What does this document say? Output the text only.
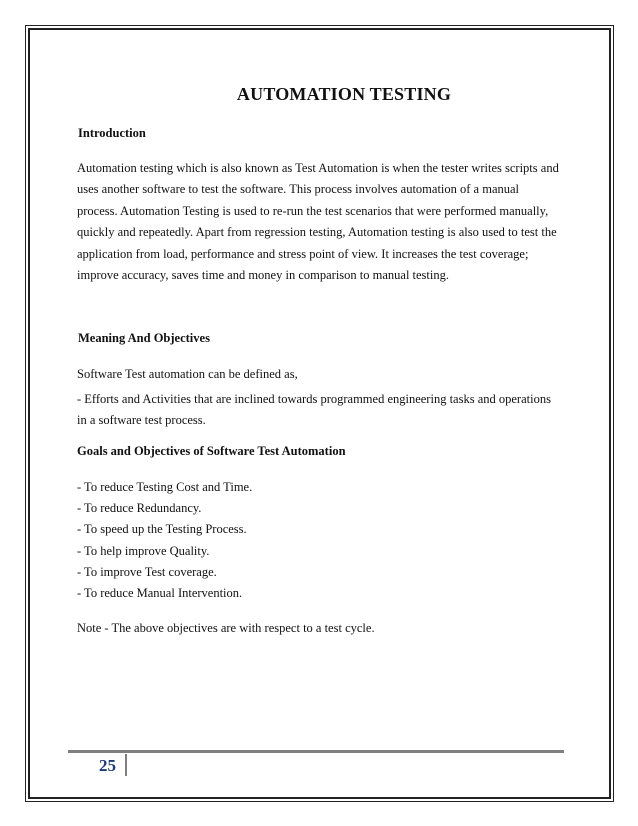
AUTOMATION TESTING
Introduction
Automation testing which is also known as Test Automation is when the tester writes scripts and
uses another software to test the software. This process involves automation of a manual
process. Automation Testing is used to re-run the test scenarios that were performed manually,
quickly and repeatedly. Apart from regression testing, Automation testing is also used to test the
application from load, performance and stress point of view. It increases the test coverage;
improve accuracy, saves time and money in comparison to manual testing.
Meaning And Objectives
Software Test automation can be defined as,
- Efforts and Activities that are inclined towards programmed engineering tasks and operations
in a software test process.
Goals and Objectives of Software Test Automation
- To reduce Testing Cost and Time.
- To reduce Redundancy.
- To speed up the Testing Process.
- To help improve Quality.
- To improve Test coverage.
- To reduce Manual Intervention.
Note - The above objectives are with respect to a test cycle.
25
